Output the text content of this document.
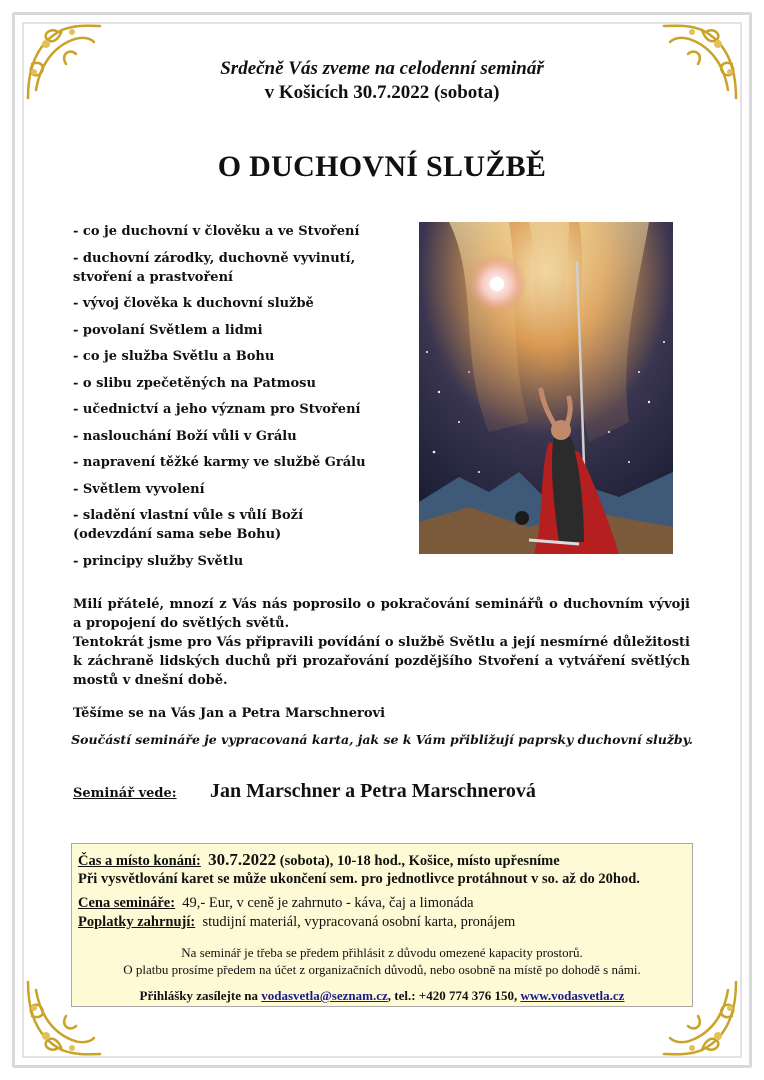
Srdečně Vás zveme na celodenní seminář
v Košicích 30.7.2022 (sobota)
O DUCHOVNÍ SLUŽBĚ
- co je duchovní v člověku a ve Stvoření
- duchovní zárodky, duchovně vyvinutí,
stvoření a prastvoření
- vývoj člověka k duchovní službě
- povolaní Světlem a lidmi
- co je služba Světlu a Bohu
- o slibu zpečetěných na Patmosu
- učednictví a jeho význam pro Stvoření
- naslouchání Boží vůli v Grálu
- napravení těžké karmy ve službě Grálu
- Světlem vyvolení
- sladění vlastní vůle s vůlí Boží
(odevzdání sama sebe Bohu)
- principy služby Světlu

Milí přátelé, mnozí z Vás nás poprosilo o pokračování seminářů o duchovním vývoji a propojení do světlých světů.

Tentokrát jsme pro Vás připravili povídání o službě Světlu a její nesmírné důležitosti k záchraně lidských duchů při prozařování pozdějšího Stvoření a vytváření světlých mostů v dnešní době.

Těšíme se na Vás Jan a Petra Marschnerovi

Součástí semináře je vypracovaná karta, jak se k Vám přibližují paprsky duchovní služby.

Seminář vede: Jan Marschner a Petra Marschnerová
Čas a místo konání: 30.7.2022 (sobota), 10-18 hod., Košice, místo upřesníme
Při vysvětlování karet se může ukončení sem. pro jednotlivce protáhnout v so. až do 20hod.
Cena semináře: 49,- Eur, v ceně je zahrnuto - káva, čaj a limonáda
Poplatky zahrnují: studijní materiál, vypracovaná osobní karta, pronájem
Na seminář je třeba se předem přihlásit z důvodu omezené kapacity prostorů.
O platbu prosíme předem na účet z organizačních důvodů, nebo osobně na místě po dohodě s námi.
Přihlášky zasílejte na vodasvetla@seznam.cz, tel.: +420 774 376 150, www.vodasvetla.cz
